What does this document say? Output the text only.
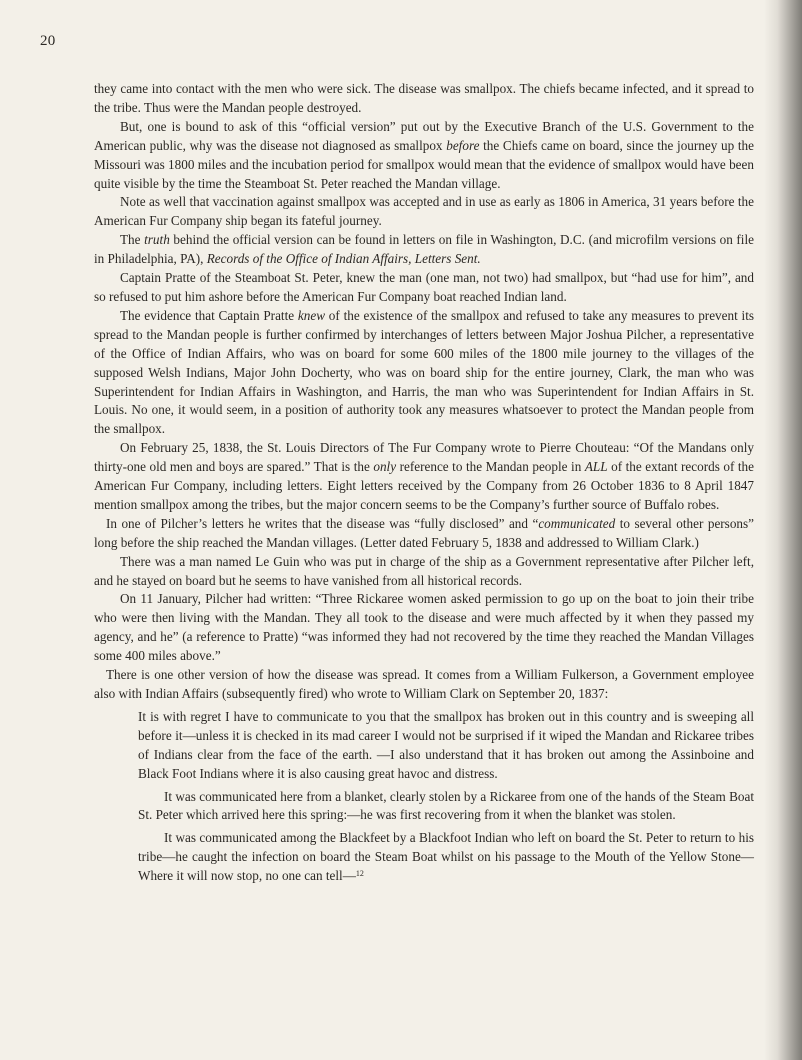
20

they came into contact with the men who were sick. The disease was smallpox. The chiefs became infected, and it spread to the tribe. Thus were the Mandan people destroyed.

But, one is bound to ask of this “official version” put out by the Executive Branch of the U.S. Government to the American public, why was the disease not diagnosed as smallpox before the Chiefs came on board, since the journey up the Missouri was 1800 miles and the incubation period for smallpox would mean that the evidence of smallpox would have been quite visible by the time the Steamboat St. Peter reached the Mandan village.

Note as well that vaccination against smallpox was accepted and in use as early as 1806 in America, 31 years before the American Fur Company ship began its fateful journey.

The truth behind the official version can be found in letters on file in Washington, D.C. (and microfilm versions on file in Philadelphia, PA), Records of the Office of Indian Affairs, Letters Sent.

Captain Pratte of the Steamboat St. Peter, knew the man (one man, not two) had smallpox, but “had use for him”, and so refused to put him ashore before the American Fur Company boat reached Indian land.

The evidence that Captain Pratte knew of the existence of the smallpox and refused to take any measures to prevent its spread to the Mandan people is further confirmed by interchanges of letters between Major Joshua Pilcher, a representative of the Office of Indian Affairs, who was on board for some 600 miles of the 1800 mile journey to the villages of the supposed Welsh Indians, Major John Docherty, who was on board ship for the entire journey, Clark, the man who was Superintendent for Indian Affairs in Washington, and Harris, the man who was Superintendent for Indian Affairs in St. Louis. No one, it would seem, in a position of authority took any measures whatsoever to protect the Mandan people from the smallpox.

On February 25, 1838, the St. Louis Directors of The Fur Company wrote to Pierre Chouteau: “Of the Mandans only thirty-one old men and boys are spared.” That is the only reference to the Mandan people in ALL of the extant records of the American Fur Company, including letters. Eight letters received by the Company from 26 October 1836 to 8 April 1847 mention smallpox among the tribes, but the major concern seems to be the Company’s further source of Buffalo robes.

In one of Pilcher’s letters he writes that the disease was “fully disclosed” and “communicated to several other persons” long before the ship reached the Mandan villages. (Letter dated February 5, 1838 and addressed to William Clark.)

There was a man named Le Guin who was put in charge of the ship as a Government representative after Pilcher left, and he stayed on board but he seems to have vanished from all historical records.

On 11 January, Pilcher had written: “Three Rickaree women asked permission to go up on the boat to join their tribe who were then living with the Mandan. They all took to the disease and were much affected by it when they passed my agency, and he” (a reference to Pratte) “was informed they had not recovered by the time they reached the Mandan Villages some 400 miles above.”

There is one other version of how the disease was spread. It comes from a William Fulkerson, a Government employee also with Indian Affairs (subsequently fired) who wrote to William Clark on September 20, 1837:

It is with regret I have to communicate to you that the smallpox has broken out in this country and is sweeping all before it—unless it is checked in its mad career I would not be surprised if it wiped the Mandan and Rickaree tribes of Indians clear from the face of the earth. —I also understand that it has broken out among the Assinboine and Black Foot Indians where it is also causing great havoc and distress.

It was communicated here from a blanket, clearly stolen by a Rickaree from one of the hands of the Steam Boat St. Peter which arrived here this spring:—he was first recovering from it when the blanket was stolen.

It was communicated among the Blackfeet by a Blackfoot Indian who left on board the St. Peter to return to his tribe—he caught the infection on board the Steam Boat whilst on his passage to the Mouth of the Yellow Stone—Where it will now stop, no one can tell—$^{12}$
